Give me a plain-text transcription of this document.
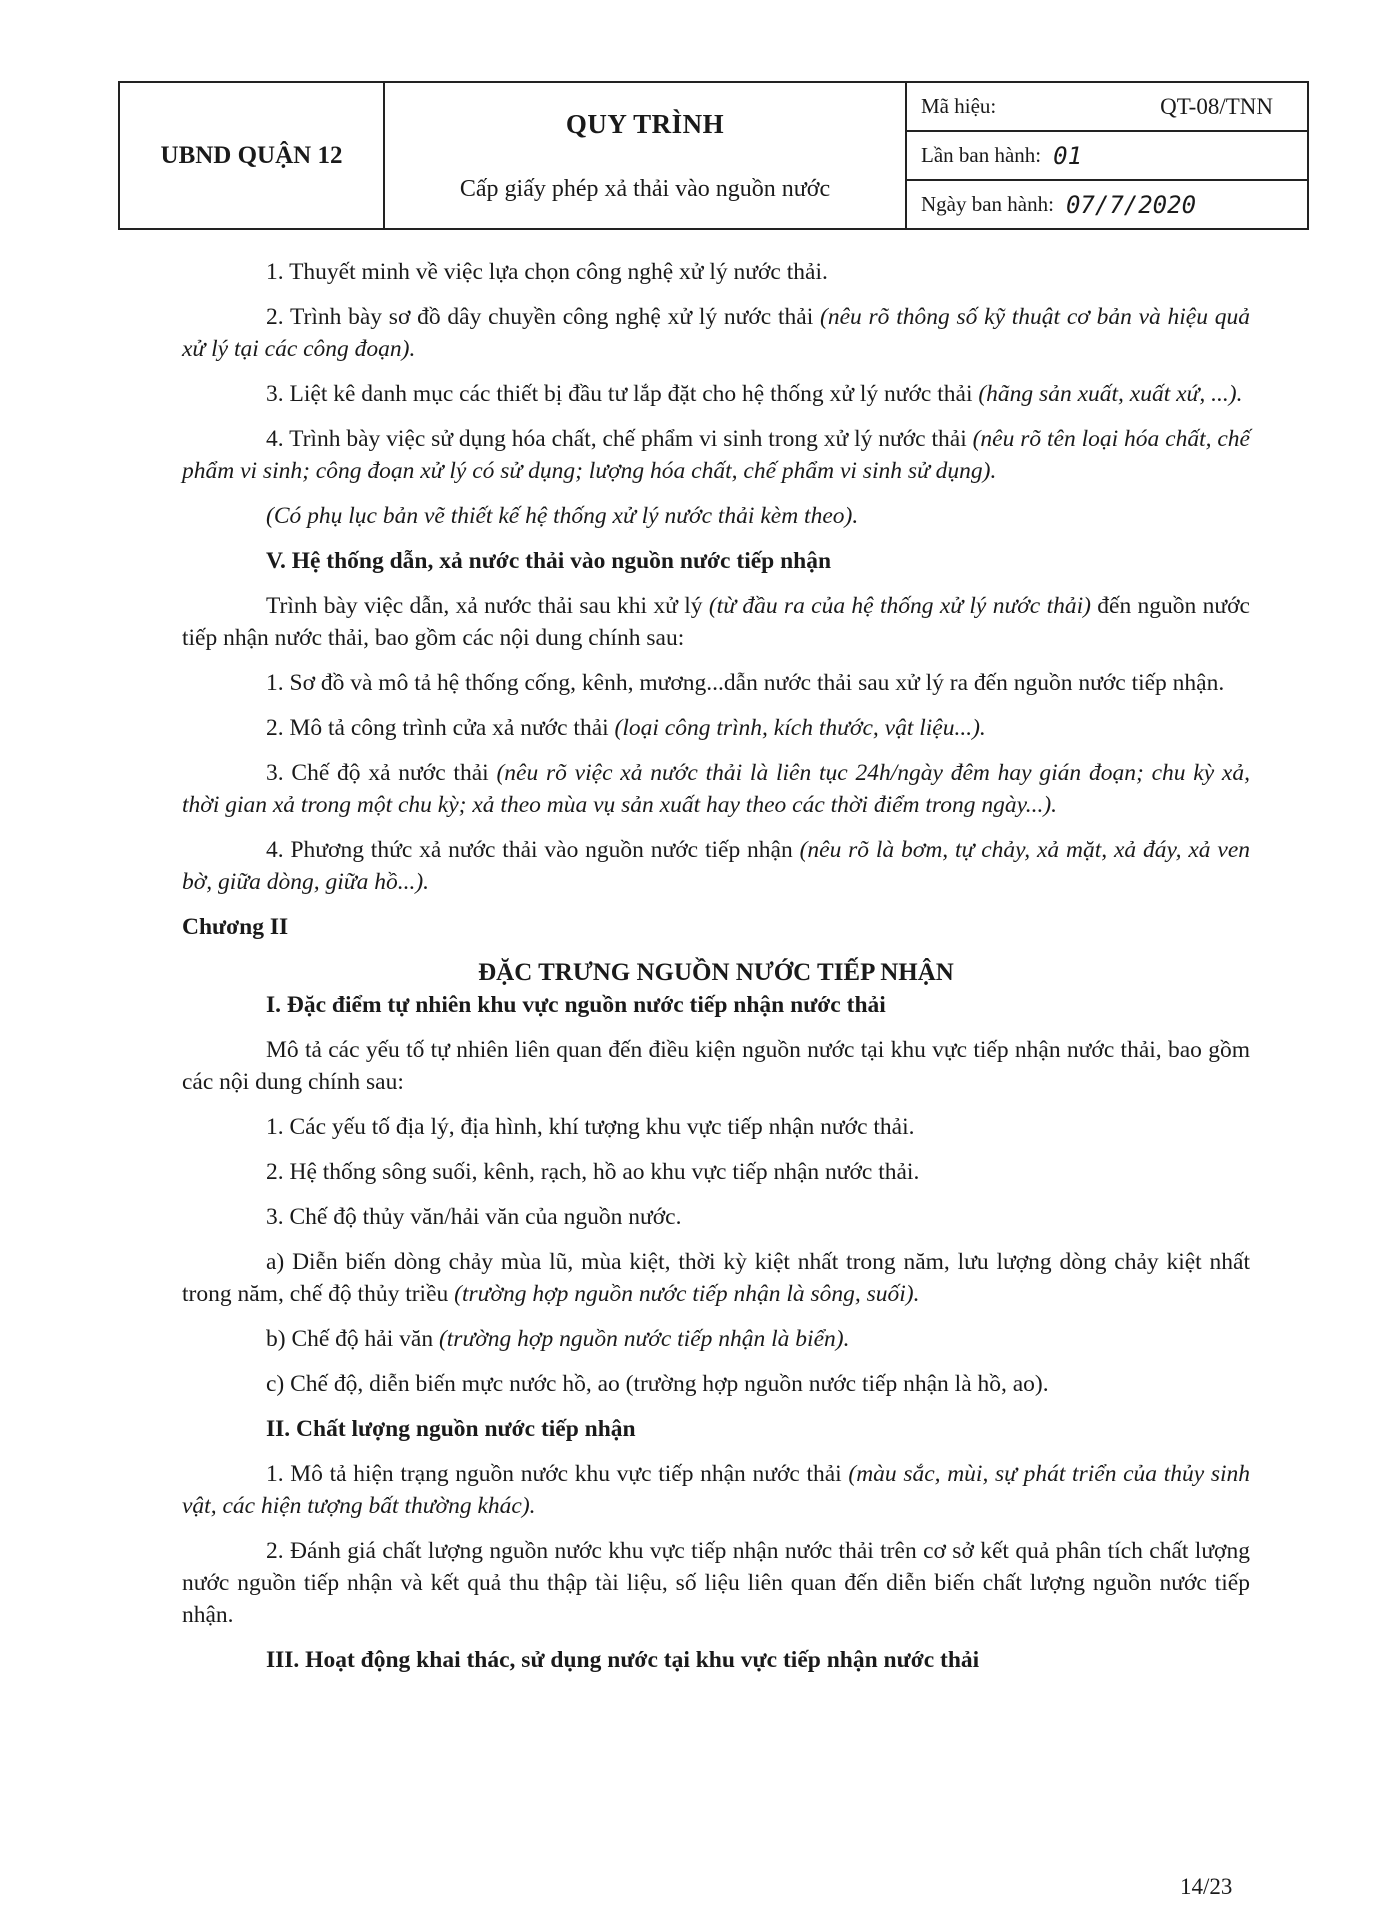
UBND QUẬN 12	
QUY TRÌNH
Cấp giấy phép xả thải vào nguồn nước

Mã hiệu:	QT-08/TNN
Lần ban hành: 01
Ngày ban hành: 07/7/2020
1. Thuyết minh về việc lựa chọn công nghệ xử lý nước thải.
2. Trình bày sơ đồ dây chuyền công nghệ xử lý nước thải (nêu rõ thông số kỹ thuật cơ bản và hiệu quả xử lý tại các công đoạn).
3. Liệt kê danh mục các thiết bị đầu tư lắp đặt cho hệ thống xử lý nước thải (hãng sản xuất, xuất xứ, ...).
4. Trình bày việc sử dụng hóa chất, chế phẩm vi sinh trong xử lý nước thải (nêu rõ tên loại hóa chất, chế phẩm vi sinh; công đoạn xử lý có sử dụng; lượng hóa chất, chế phẩm vi sinh sử dụng).
(Có phụ lục bản vẽ thiết kế hệ thống xử lý nước thải kèm theo).
V. Hệ thống dẫn, xả nước thải vào nguồn nước tiếp nhận
Trình bày việc dẫn, xả nước thải sau khi xử lý (từ đầu ra của hệ thống xử lý nước thải) đến nguồn nước tiếp nhận nước thải, bao gồm các nội dung chính sau:
1. Sơ đồ và mô tả hệ thống cống, kênh, mương...dẫn nước thải sau xử lý ra đến nguồn nước tiếp nhận.
2. Mô tả công trình cửa xả nước thải (loại công trình, kích thước, vật liệu...).
3. Chế độ xả nước thải (nêu rõ việc xả nước thải là liên tục 24h/ngày đêm hay gián đoạn; chu kỳ xả, thời gian xả trong một chu kỳ; xả theo mùa vụ sản xuất hay theo các thời điểm trong ngày...).
4. Phương thức xả nước thải vào nguồn nước tiếp nhận (nêu rõ là bơm, tự chảy, xả mặt, xả đáy, xả ven bờ, giữa dòng, giữa hồ...).
Chương II
ĐẶC TRƯNG NGUỒN NƯỚC TIẾP NHẬN
I. Đặc điểm tự nhiên khu vực nguồn nước tiếp nhận nước thải
Mô tả các yếu tố tự nhiên liên quan đến điều kiện nguồn nước tại khu vực tiếp nhận nước thải, bao gồm các nội dung chính sau:
1. Các yếu tố địa lý, địa hình, khí tượng khu vực tiếp nhận nước thải.
2. Hệ thống sông suối, kênh, rạch, hồ ao khu vực tiếp nhận nước thải.
3. Chế độ thủy văn/hải văn của nguồn nước.
a) Diễn biến dòng chảy mùa lũ, mùa kiệt, thời kỳ kiệt nhất trong năm, lưu lượng dòng chảy kiệt nhất trong năm, chế độ thủy triều (trường hợp nguồn nước tiếp nhận là sông, suối).
b) Chế độ hải văn (trường hợp nguồn nước tiếp nhận là biển).
c) Chế độ, diễn biến mực nước hồ, ao (trường hợp nguồn nước tiếp nhận là hồ, ao).
II. Chất lượng nguồn nước tiếp nhận
1. Mô tả hiện trạng nguồn nước khu vực tiếp nhận nước thải (màu sắc, mùi, sự phát triển của thủy sinh vật, các hiện tượng bất thường khác).
2. Đánh giá chất lượng nguồn nước khu vực tiếp nhận nước thải trên cơ sở kết quả phân tích chất lượng nước nguồn tiếp nhận và kết quả thu thập tài liệu, số liệu liên quan đến diễn biến chất lượng nguồn nước tiếp nhận.
III. Hoạt động khai thác, sử dụng nước tại khu vực tiếp nhận nước thải
14/23
